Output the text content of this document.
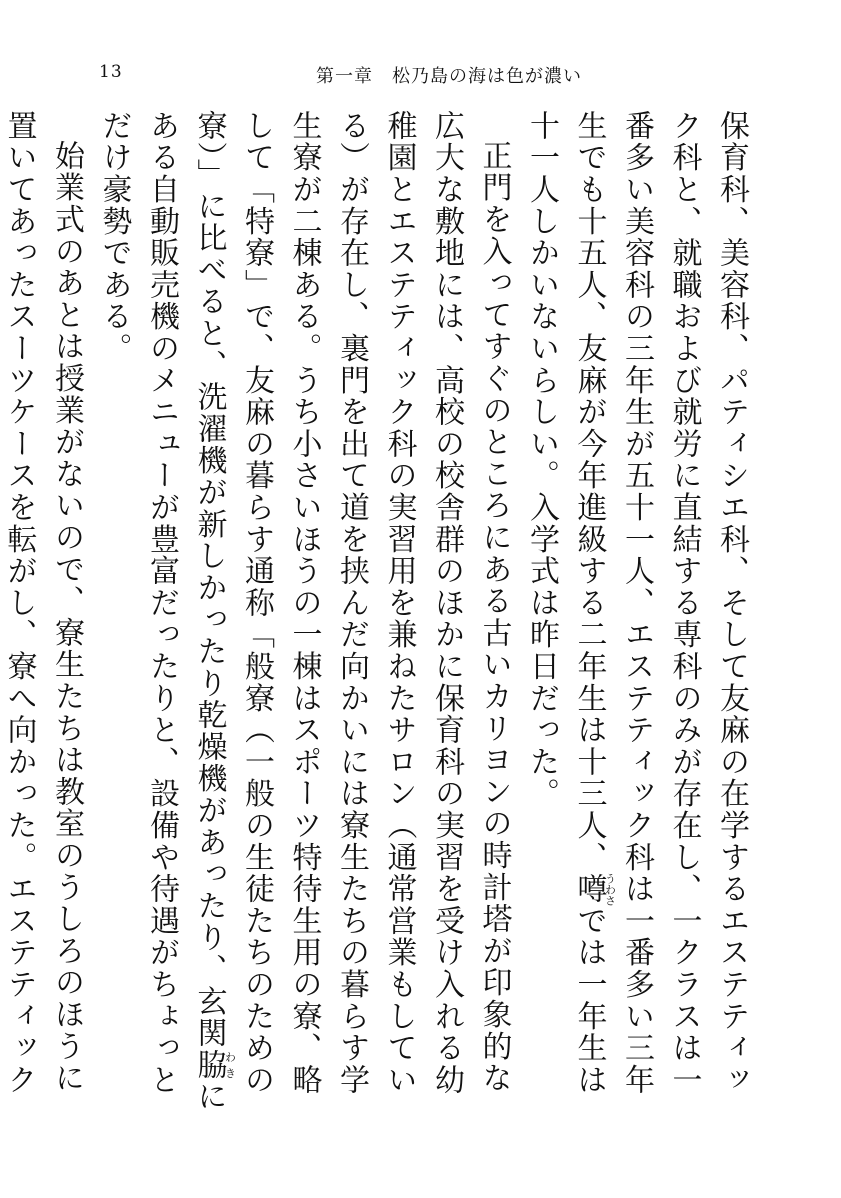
13	第一章　松乃島の海は色が濃い

保育科、美容科、パティシエ科、そして友麻の在学するエステティック科と、就職および就労に直結する専科のみが存在し、一クラスは一番多い美容科の三年生が五十一人、エステティック科は一番多い三年生でも十五人、友麻が今年進級する二年生は十三人、噂うわさでは一年生は十一人しかいないらしい。入学式は昨日だった。

正門を入ってすぐのところにある古いカリヨンの時計塔が印象的な広大な敷地には、高校の校舎群のほかに保育科の実習を受け入れる幼稚園とエステティック科の実習用を兼ねたサロン（通常営業もしている）が存在し、裏門を出て道を挟んだ向かいには寮生たちの暮らす学生寮が二棟ある。うち小さいほうの一棟はスポーツ特待生用の寮、略して「特寮」で、友麻の暮らす通称「般寮（一般の生徒たちのための寮）」に比べると、洗濯機が新しかったり乾燥機があったり、玄関脇わきにある自動販売機のメニューが豊富だったりと、設備や待遇がちょっとだけ豪勢である。

始業式のあとは授業がないので、寮生たちは教室のうしろのほうに置いてあったスーツケースを転がし、寮へ向かった。エステティック
